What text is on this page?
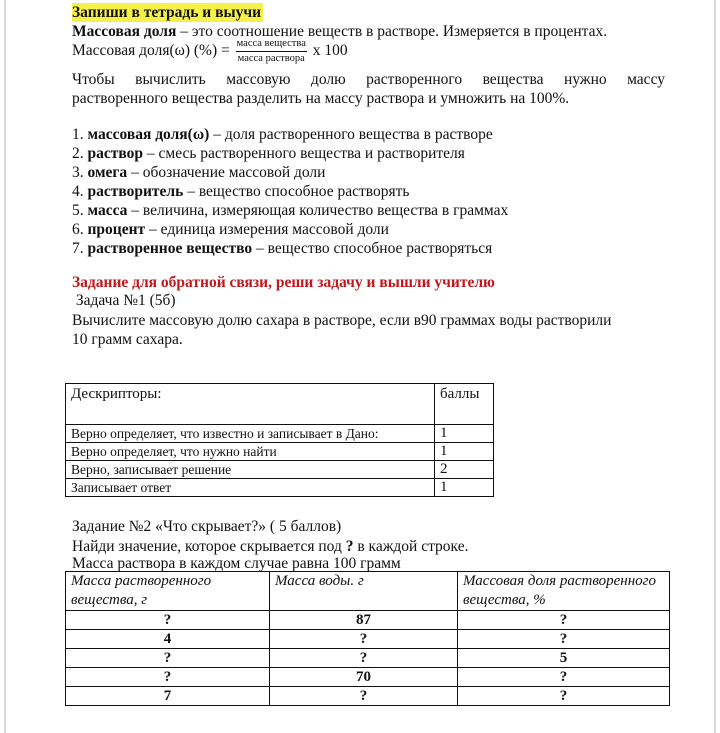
Запиши в тетрадь и выучи
Массовая доля – это соотношение веществ в растворе. Измеряется в процентах.
Массовая доля(ω) (%) = $\frac{\text{масса вещества}}{\text{масса раствора}}$ х 100
Чтобы вычислить массовую долю растворенного вещества нужно массу
растворенного вещества разделить на массу раствора и умножить на 100%.
1. массовая доля(ω) – доля растворенного вещества в растворе
2. раствор – смесь растворенного вещества и растворителя
3. омега – обозначение массовой доли
4. растворитель – вещество способное растворять
5. масса – величина, измеряющая количество вещества в граммах
6. процент – единица измерения массовой доли
7. растворенное вещество – вещество способное растворяться
Задание для обратной связи, реши задачу и вышли учителю
Задача №1 (5б)
Вычислите массовую долю сахара в растворе, если в90 граммах воды растворили
10 грамм сахара.
Задание №2 «Что скрывает?» ( 5 баллов)
Найди значение, которое скрывается под ? в каждой строке.
Масса раствора в каждом случае равна 100 грамм
Дескрипторы:	баллы
Верно определяет, что известно и записывает в Дано:	1
Верно определяет, что нужно найти	1
Верно, записывает решение	2
Записывает ответ	1
Масса растворенного вещества, г	Масса воды. г	Массовая доля растворенного вещества, %
?	87	?
4	?	?
?	?	5
?	70	?
7	?	?
